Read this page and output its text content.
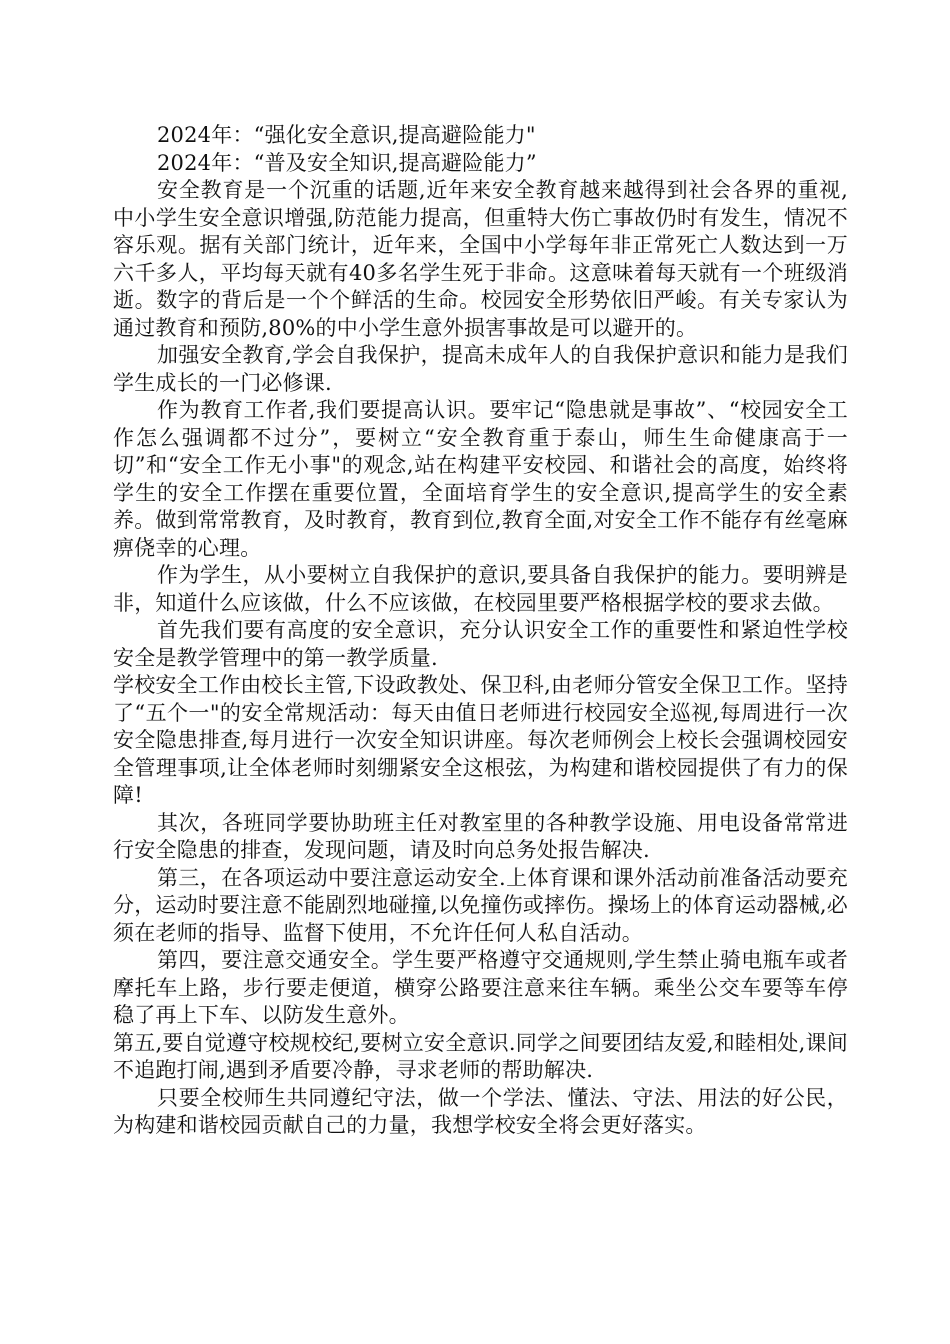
2024年：“强化安全意识,提高避险能力"

2024年：“普及安全知识,提高避险能力”

安全教育是一个沉重的话题,近年来安全教育越来越得到社会各界的重视,中小学生安全意识增强,防范能力提高，但重特大伤亡事故仍时有发生，情况不容乐观。据有关部门统计，近年来，全国中小学每年非正常死亡人数达到一万六千多人，平均每天就有40多名学生死于非命。这意味着每天就有一个班级消逝。数字的背后是一个个鲜活的生命。校园安全形势依旧严峻。有关专家认为通过教育和预防,80%的中小学生意外损害事故是可以避开的。

加强安全教育,学会自我保护，提高未成年人的自我保护意识和能力是我们学生成长的一门必修课.

作为教育工作者,我们要提高认识。要牢记“隐患就是事故”、“校园安全工作怎么强调都不过分”，要树立“安全教育重于泰山，师生生命健康高于一切”和“安全工作无小事"的观念,站在构建平安校园、和谐社会的高度，始终将学生的安全工作摆在重要位置，全面培育学生的安全意识,提高学生的安全素养。做到常常教育，及时教育，教育到位,教育全面,对安全工作不能存有丝毫麻痹侥幸的心理。

作为学生，从小要树立自我保护的意识,要具备自我保护的能力。要明辨是非，知道什么应该做，什么不应该做，在校园里要严格根据学校的要求去做。

首先我们要有高度的安全意识，充分认识安全工作的重要性和紧迫性学校安全是教学管理中的第一教学质量.

学校安全工作由校长主管,下设政教处、保卫科,由老师分管安全保卫工作。坚持了“五个一"的安全常规活动：每天由值日老师进行校园安全巡视,每周进行一次安全隐患排查,每月进行一次安全知识讲座。每次老师例会上校长会强调校园安全管理事项,让全体老师时刻绷紧安全这根弦，为构建和谐校园提供了有力的保障!

其次，各班同学要协助班主任对教室里的各种教学设施、用电设备常常进行安全隐患的排查，发现问题，请及时向总务处报告解决.

第三，在各项运动中要注意运动安全.上体育课和课外活动前准备活动要充分，运动时要注意不能剧烈地碰撞,以免撞伤或摔伤。操场上的体育运动器械,必须在老师的指导、监督下使用，不允许任何人私自活动。

第四，要注意交通安全。学生要严格遵守交通规则,学生禁止骑电瓶车或者摩托车上路，步行要走便道，横穿公路要注意来往车辆。乘坐公交车要等车停稳了再上下车、以防发生意外。

第五,要自觉遵守校规校纪,要树立安全意识.同学之间要团结友爱,和睦相处,课间不追跑打闹,遇到矛盾要冷静，寻求老师的帮助解决.

只要全校师生共同遵纪守法，做一个学法、懂法、守法、用法的好公民，为构建和谐校园贡献自己的力量，我想学校安全将会更好落实。
